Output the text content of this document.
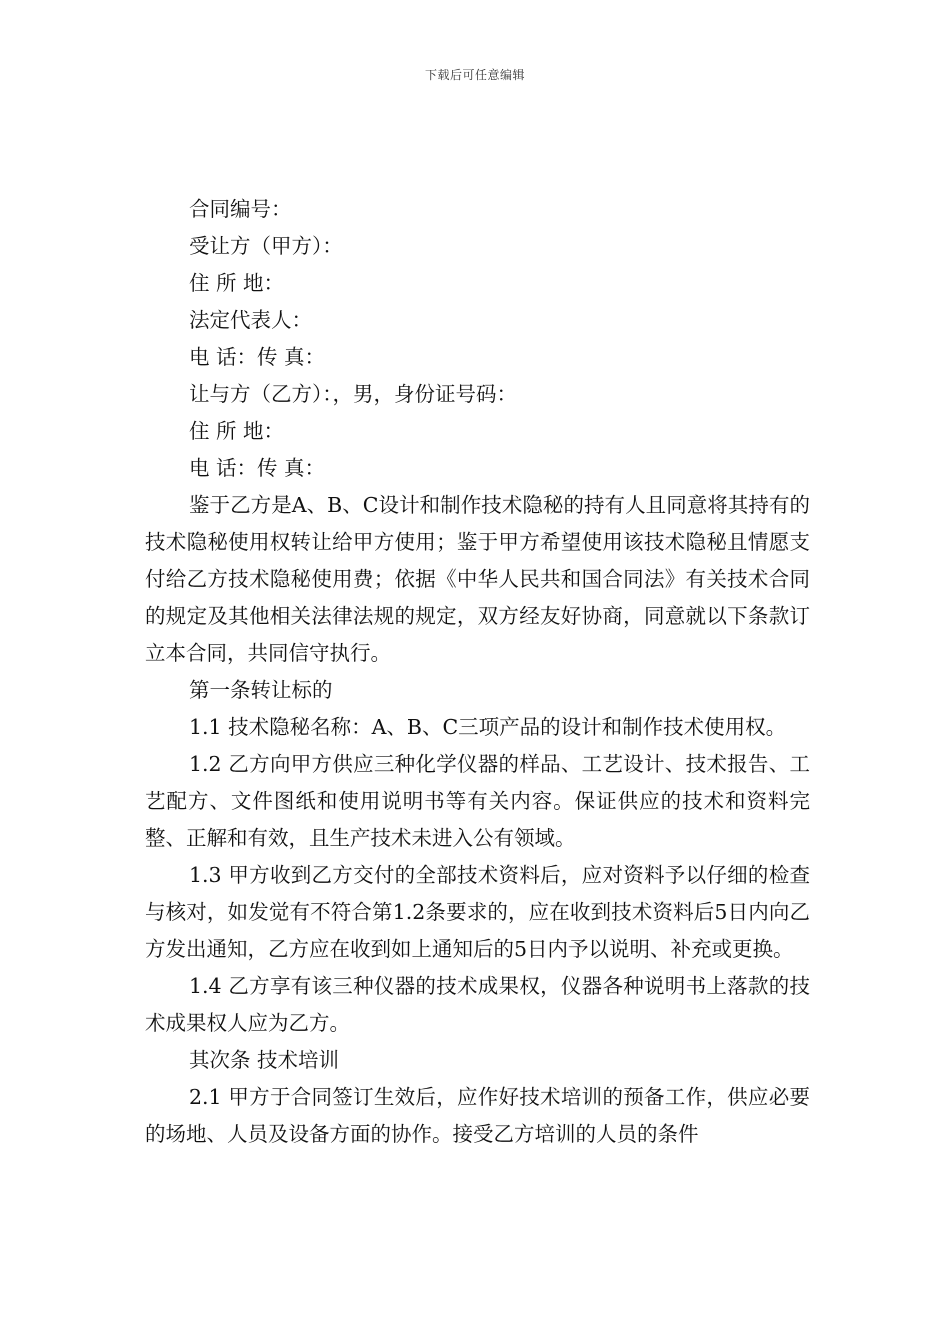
下载后可任意编辑

合同编号：

受让方（甲方）：

住 所 地：

法定代表人：

电 话：传 真：

让与方（乙方）：，男，身份证号码：

住 所 地：

电 话：传 真：

鉴于乙方是A、B、C设计和制作技术隐秘的持有人且同意将其持有的技术隐秘使用权转让给甲方使用；鉴于甲方希望使用该技术隐秘且情愿支付给乙方技术隐秘使用费；依据《中华人民共和国合同法》有关技术合同的规定及其他相关法律法规的规定，双方经友好协商，同意就以下条款订立本合同，共同信守执行。

第一条转让标的

1.1 技术隐秘名称：A、B、C三项产品的设计和制作技术使用权。

1.2 乙方向甲方供应三种化学仪器的样品、工艺设计、技术报告、工艺配方、文件图纸和使用说明书等有关内容。保证供应的技术和资料完整、正解和有效，且生产技术未进入公有领域。

1.3 甲方收到乙方交付的全部技术资料后，应对资料予以仔细的检查与核对，如发觉有不符合第1.2条要求的，应在收到技术资料后5日内向乙方发出通知，乙方应在收到如上通知后的5日内予以说明、补充或更换。

1.4 乙方享有该三种仪器的技术成果权，仪器各种说明书上落款的技术成果权人应为乙方。

其次条 技术培训

2.1 甲方于合同签订生效后，应作好技术培训的预备工作，供应必要的场地、人员及设备方面的协作。接受乙方培训的人员的条件
